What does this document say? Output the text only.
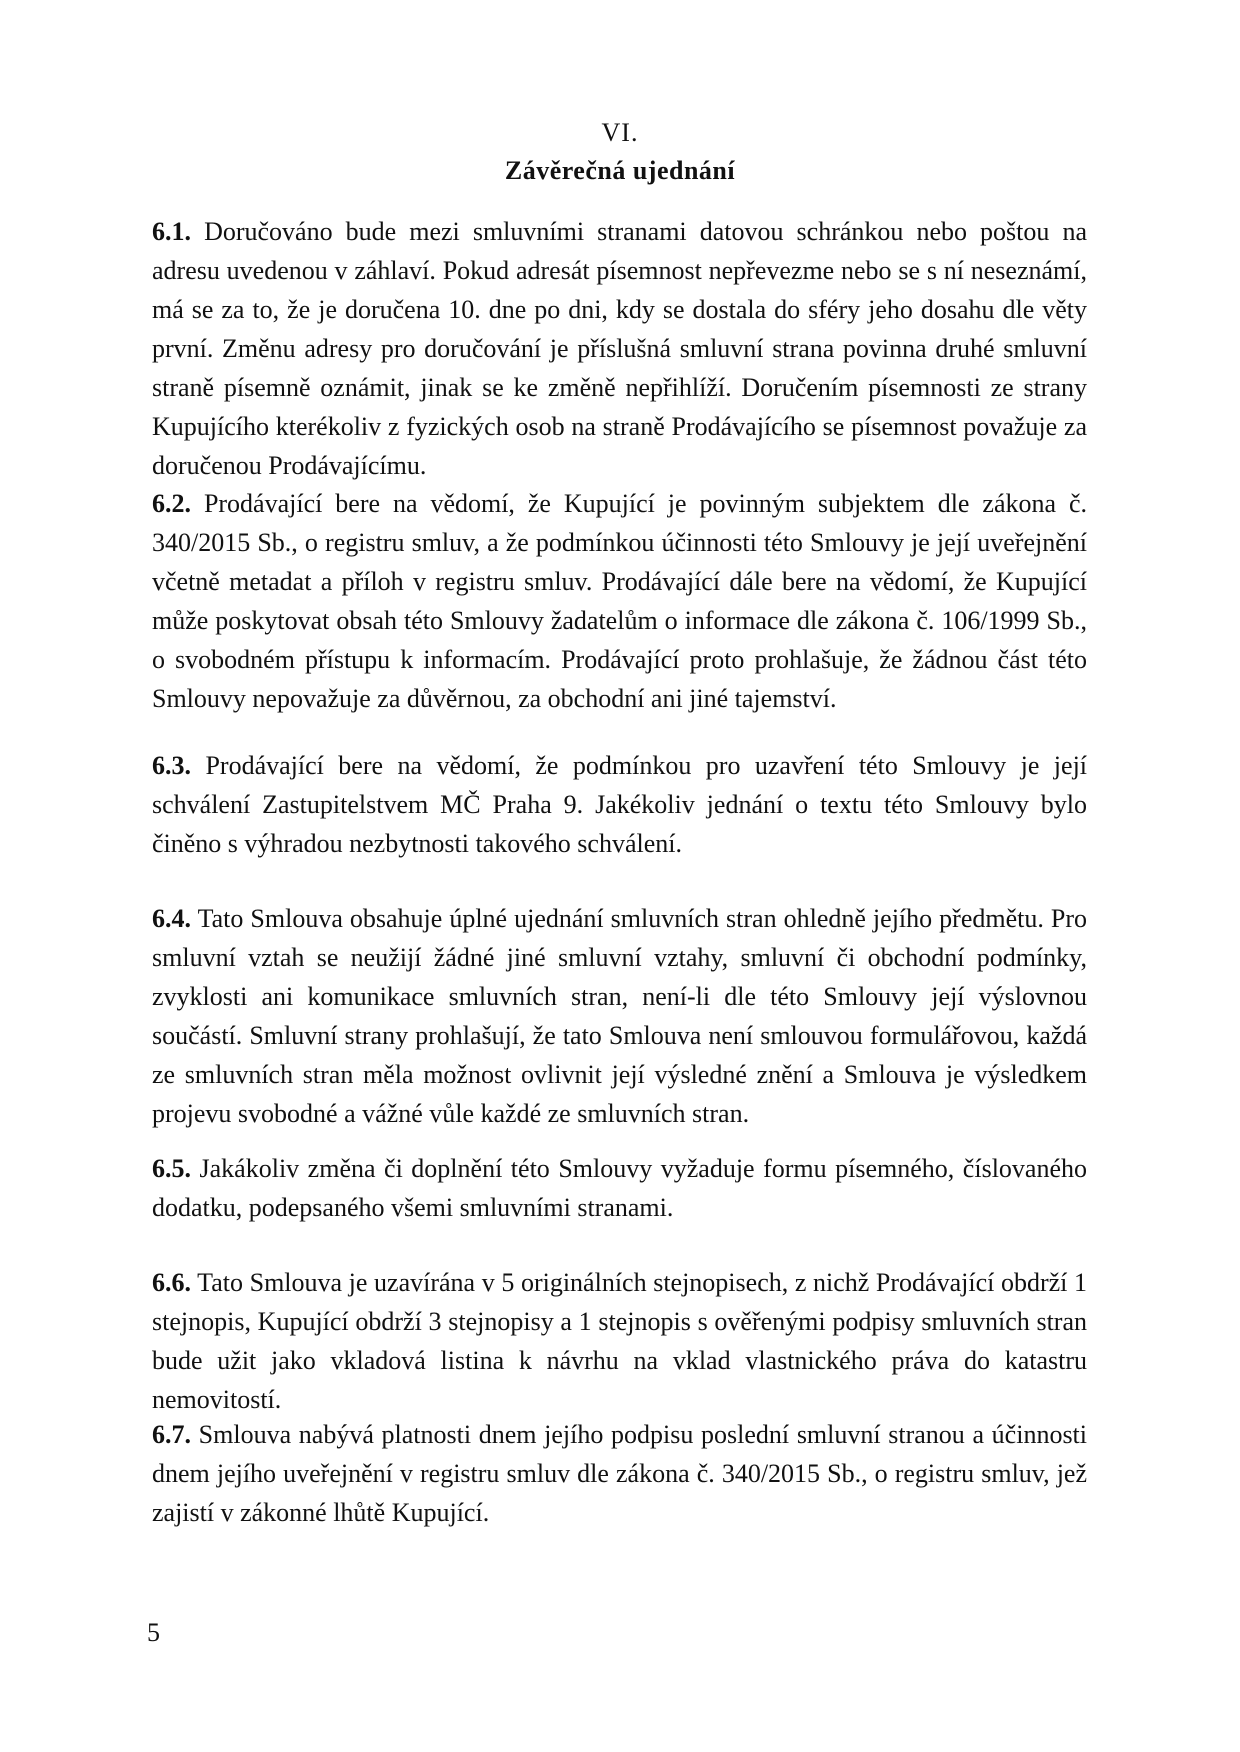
VI.
Závěrečná ujednání

6.1. Doručováno bude mezi smluvními stranami datovou schránkou nebo poštou na adresu uvedenou v záhlaví. Pokud adresát písemnost nepřevezme nebo se s ní neseznámí, má se za to, že je doručena 10. dne po dni, kdy se dostala do sféry jeho dosahu dle věty první. Změnu adresy pro doručování je příslušná smluvní strana povinna druhé smluvní straně písemně oznámit, jinak se ke změně nepřihlíží. Doručením písemnosti ze strany Kupujícího kterékoliv z fyzických osob na straně Prodávajícího se písemnost považuje za doručenou Prodávajícímu.

6.2. Prodávající bere na vědomí, že Kupující je povinným subjektem dle zákona č. 340/2015 Sb., o registru smluv, a že podmínkou účinnosti této Smlouvy je její uveřejnění včetně metadat a příloh v registru smluv. Prodávající dále bere na vědomí, že Kupující může poskytovat obsah této Smlouvy žadatelům o informace dle zákona č. 106/1999 Sb., o svobodném přístupu k informacím. Prodávající proto prohlašuje, že žádnou část této Smlouvy nepovažuje za důvěrnou, za obchodní ani jiné tajemství.

6.3. Prodávající bere na vědomí, že podmínkou pro uzavření této Smlouvy je její schválení Zastupitelstvem MČ Praha 9. Jakékoliv jednání o textu této Smlouvy bylo činěno s výhradou nezbytnosti takového schválení.

6.4. Tato Smlouva obsahuje úplné ujednání smluvních stran ohledně jejího předmětu. Pro smluvní vztah se neužijí žádné jiné smluvní vztahy, smluvní či obchodní podmínky, zvyklosti ani komunikace smluvních stran, není-li dle této Smlouvy její výslovnou součástí. Smluvní strany prohlašují, že tato Smlouva není smlouvou formulářovou, každá ze smluvních stran měla možnost ovlivnit její výsledné znění a Smlouva je výsledkem projevu svobodné a vážné vůle každé ze smluvních stran.

6.5. Jakákoliv změna či doplnění této Smlouvy vyžaduje formu písemného, číslovaného dodatku, podepsaného všemi smluvními stranami.

6.6. Tato Smlouva je uzavírána v 5 originálních stejnopisech, z nichž Prodávající obdrží 1 stejnopis, Kupující obdrží 3 stejnopisy a 1 stejnopis s ověřenými podpisy smluvních stran bude užit jako vkladová listina k návrhu na vklad vlastnického práva do katastru nemovitostí.

6.7. Smlouva nabývá platnosti dnem jejího podpisu poslední smluvní stranou a účinnosti dnem jejího uveřejnění v registru smluv dle zákona č. 340/2015 Sb., o registru smluv, jež zajistí v zákonné lhůtě Kupující.

5
